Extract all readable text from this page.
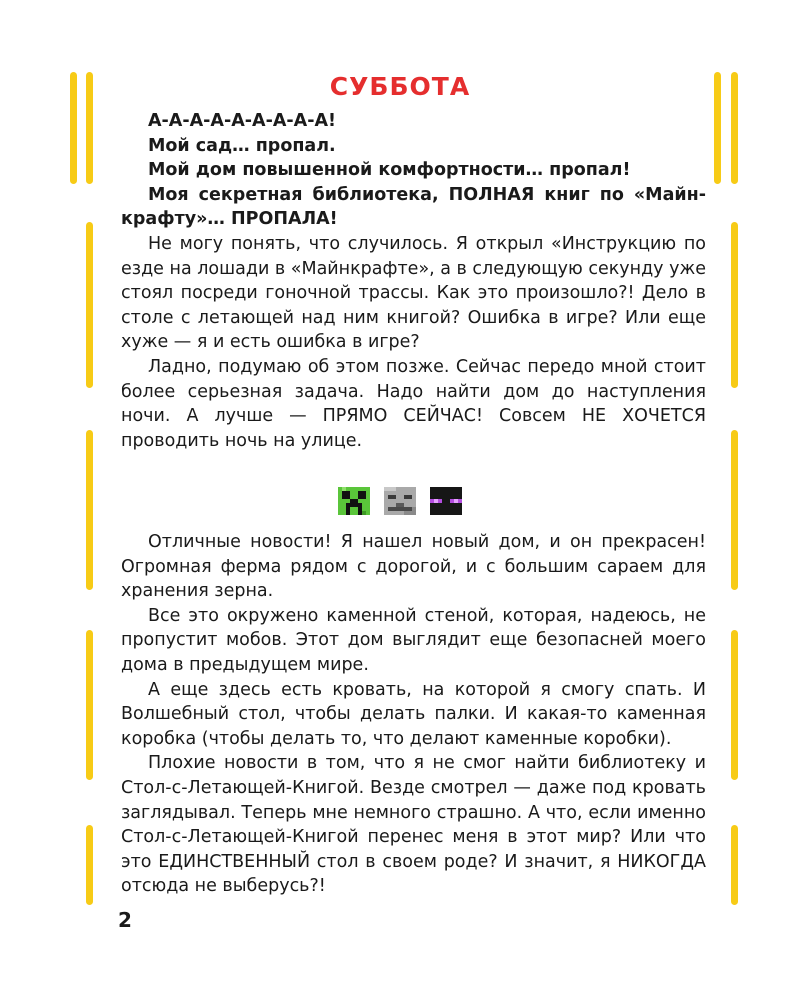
СУББОТА

А-А-А-А-А-А-А-А-А!

Мой сад… пропал.

Мой дом повышенной комфортности… пропал!

Моя секретная библиотека, ПОЛНАЯ книг по «Майнкрафту»… ПРОПАЛА!

Не могу понять, что случилось. Я открыл «Инструкцию по езде на лошади в «Майнкрафте», а в следующую секунду уже стоял посреди гоночной трассы. Как это произошло?! Дело в столе с летающей над ним книгой? Ошибка в игре? Или еще хуже — я и есть ошибка в игре?

Ладно, подумаю об этом позже. Сейчас передо мной стоит более серьезная задача. Надо найти дом до наступления ночи. А лучше — ПРЯМО СЕЙЧАС! Совсем НЕ ХОЧЕТСЯ проводить ночь на улице.

Отличные новости! Я нашел новый дом, и он прекрасен! Огромная ферма рядом с дорогой, и с большим сараем для хранения зерна.

Все это окружено каменной стеной, которая, надеюсь, не пропустит мобов. Этот дом выглядит еще безопасней моего дома в предыдущем мире.

А еще здесь есть кровать, на которой я смогу спать. И Волшебный стол, чтобы делать палки. И какая-то каменная коробка (чтобы делать то, что делают каменные коробки).

Плохие новости в том, что я не смог найти библиотеку и Стол-с-Летающей-Книгой. Везде смотрел — даже под кровать заглядывал. Теперь мне немного страшно. А что, если именно Стол-с-Летающей-Книгой перенес меня в этот мир? Или что это ЕДИНСТВЕННЫЙ стол в своем роде? И значит, я НИКОГДА отсюда не выберусь?!

2
